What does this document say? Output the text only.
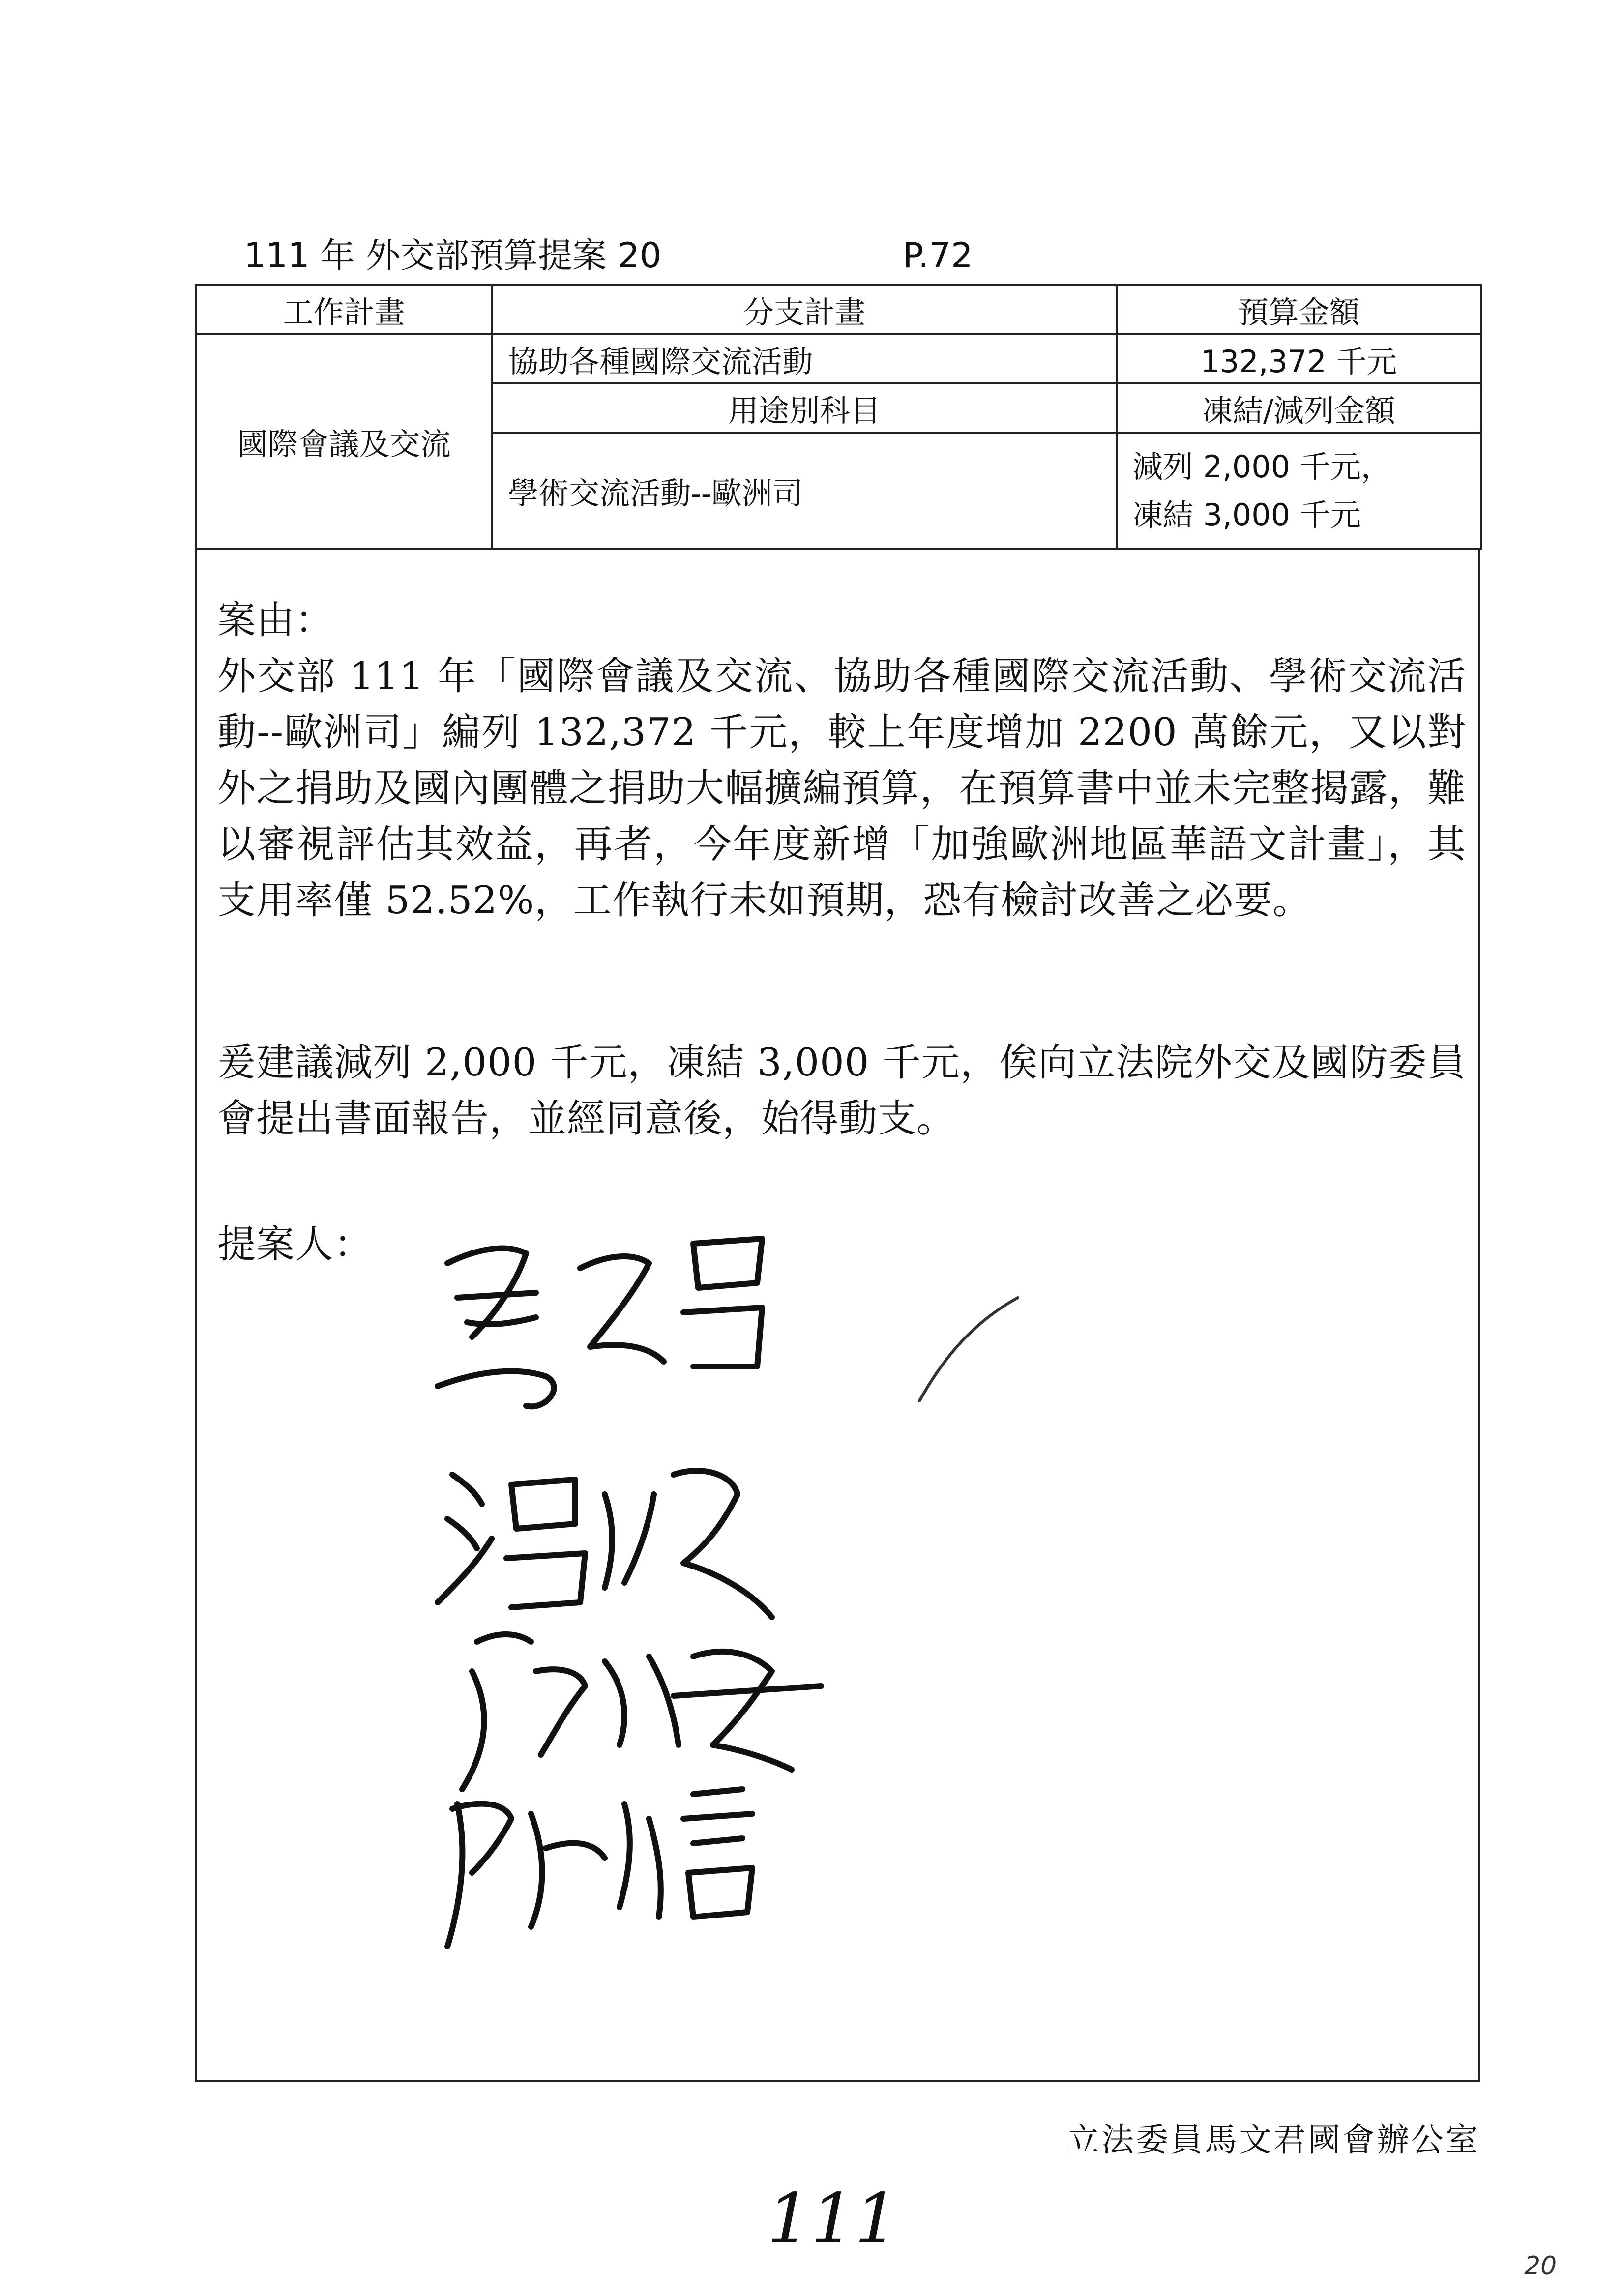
111 年 外交部預算提案 20	P.72
工作計畫	分支計畫	預算金額
國際會議及交流	協助各種國際交流活動	132,372 千元
	用途別科目	凍結/減列金額
	學術交流活動--歐洲司	減列 2,000 千元，
凍結 3,000 千元
案由：
外交部 111 年「國際會議及交流、協助各種國際交流活動、學術交流活動--歐洲司」編列 132,372 千元，較上年度增加 2200 萬餘元，又以對外之捐助及國內團體之捐助大幅擴編預算，在預算書中並未完整揭露，難以審視評估其效益，再者，今年度新增「加強歐洲地區華語文計畫」，其支用率僅 52.52%，工作執行未如預期，恐有檢討改善之必要。
爰建議減列 2,000 千元，凍結 3,000 千元，俟向立法院外交及國防委員會提出書面報告，並經同意後，始得動支。
提案人：
立法委員馬文君國會辦公室
111
20
